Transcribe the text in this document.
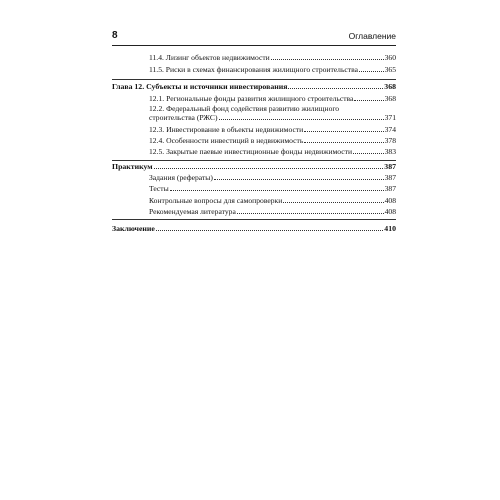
8	Оглавление
11.4. Лизинг объектов недвижимости	360
11.5. Риски в схемах финансирования жилищного строительства	365
Глава 12. Субъекты и источники инвестирования	368
12.1. Региональные фонды развития жилищного строительства	368
12.2. Федеральный фонд содействия развитию жилищного
строительства (РЖС)	371
12.3. Инвестирование в объекты недвижимости	374
12.4. Особенности инвестиций в недвижимость	378
12.5. Закрытые паевые инвестиционные фонды недвижимости	383
Практикум	387
Задания (рефераты)	387
Тесты	387
Контрольные вопросы для самопроверки	408
Рекомендуемая литература	408
Заключение	410
